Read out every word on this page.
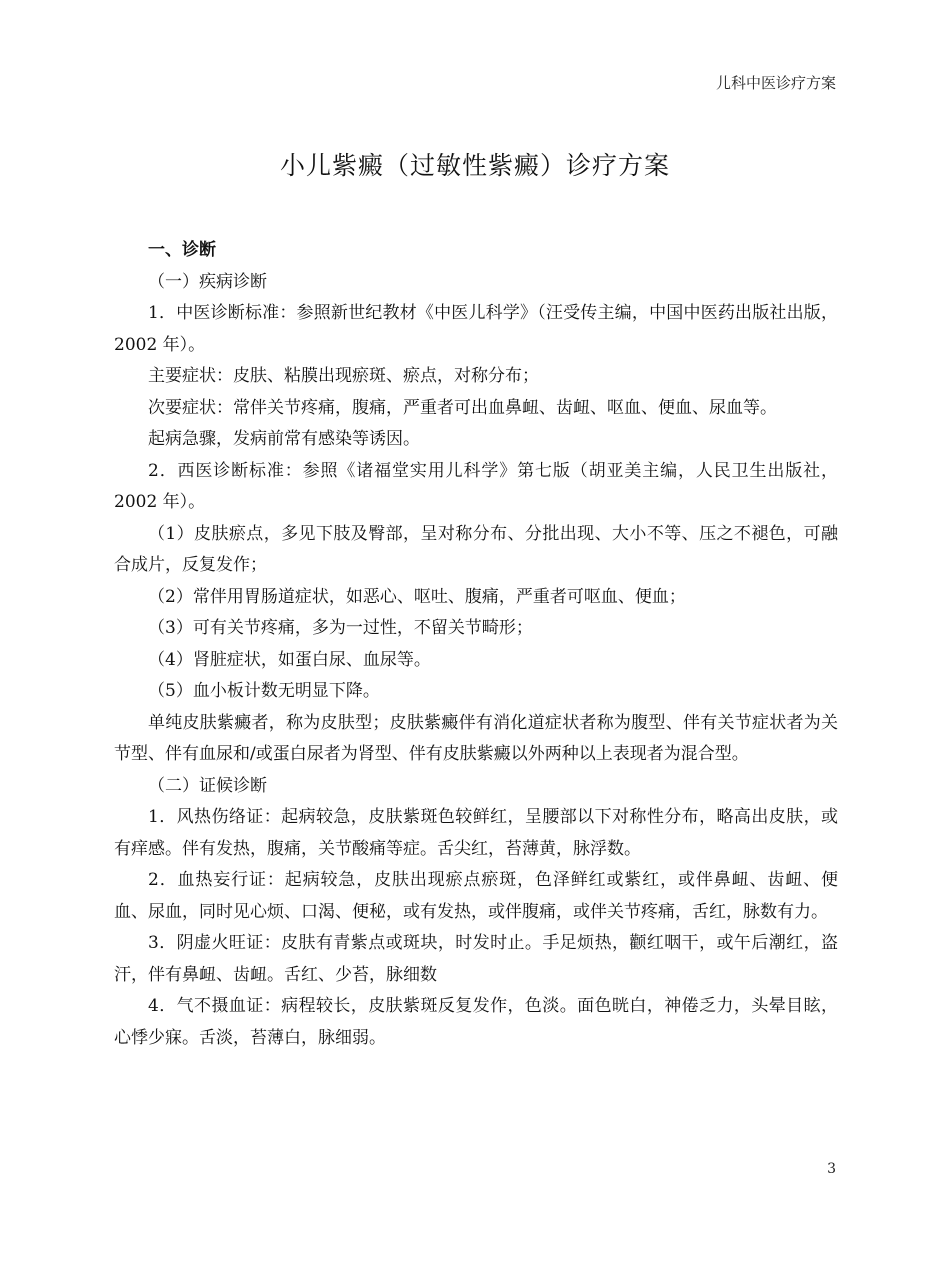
儿科中医诊疗方案
小儿紫癜（过敏性紫癜）诊疗方案

一、诊断

（一）疾病诊断

1．中医诊断标准：参照新世纪教材《中医儿科学》（汪受传主编，中国中医药出版社出版，2002 年）。

主要症状：皮肤、粘膜出现瘀斑、瘀点，对称分布；

次要症状：常伴关节疼痛，腹痛，严重者可出血鼻衄、齿衄、呕血、便血、尿血等。

起病急骤，发病前常有感染等诱因。

2．西医诊断标准：参照《诸福堂实用儿科学》第七版（胡亚美主编，人民卫生出版社，2002 年）。

（1）皮肤瘀点，多见下肢及臀部，呈对称分布、分批出现、大小不等、压之不褪色，可融合成片，反复发作；

（2）常伴用胃肠道症状，如恶心、呕吐、腹痛，严重者可呕血、便血；

（3）可有关节疼痛，多为一过性，不留关节畸形；

（4）肾脏症状，如蛋白尿、血尿等。

（5）血小板计数无明显下降。

单纯皮肤紫癜者，称为皮肤型；皮肤紫癜伴有消化道症状者称为腹型、伴有关节症状者为关节型、伴有血尿和/或蛋白尿者为肾型、伴有皮肤紫癜以外两种以上表现者为混合型。

（二）证候诊断

1．风热伤络证：起病较急，皮肤紫斑色较鲜红，呈腰部以下对称性分布，略高出皮肤，或有痒感。伴有发热，腹痛，关节酸痛等症。舌尖红，苔薄黄，脉浮数。

2．血热妄行证：起病较急，皮肤出现瘀点瘀斑，色泽鲜红或紫红，或伴鼻衄、齿衄、便血、尿血，同时见心烦、口渴、便秘，或有发热，或伴腹痛，或伴关节疼痛，舌红，脉数有力。

3．阴虚火旺证：皮肤有青紫点或斑块，时发时止。手足烦热，颧红咽干，或午后潮红，盗汗，伴有鼻衄、齿衄。舌红、少苔，脉细数

4．气不摄血证：病程较长，皮肤紫斑反复发作，色淡。面色晄白，神倦乏力，头晕目眩，心悸少寐。舌淡，苔薄白，脉细弱。

3
